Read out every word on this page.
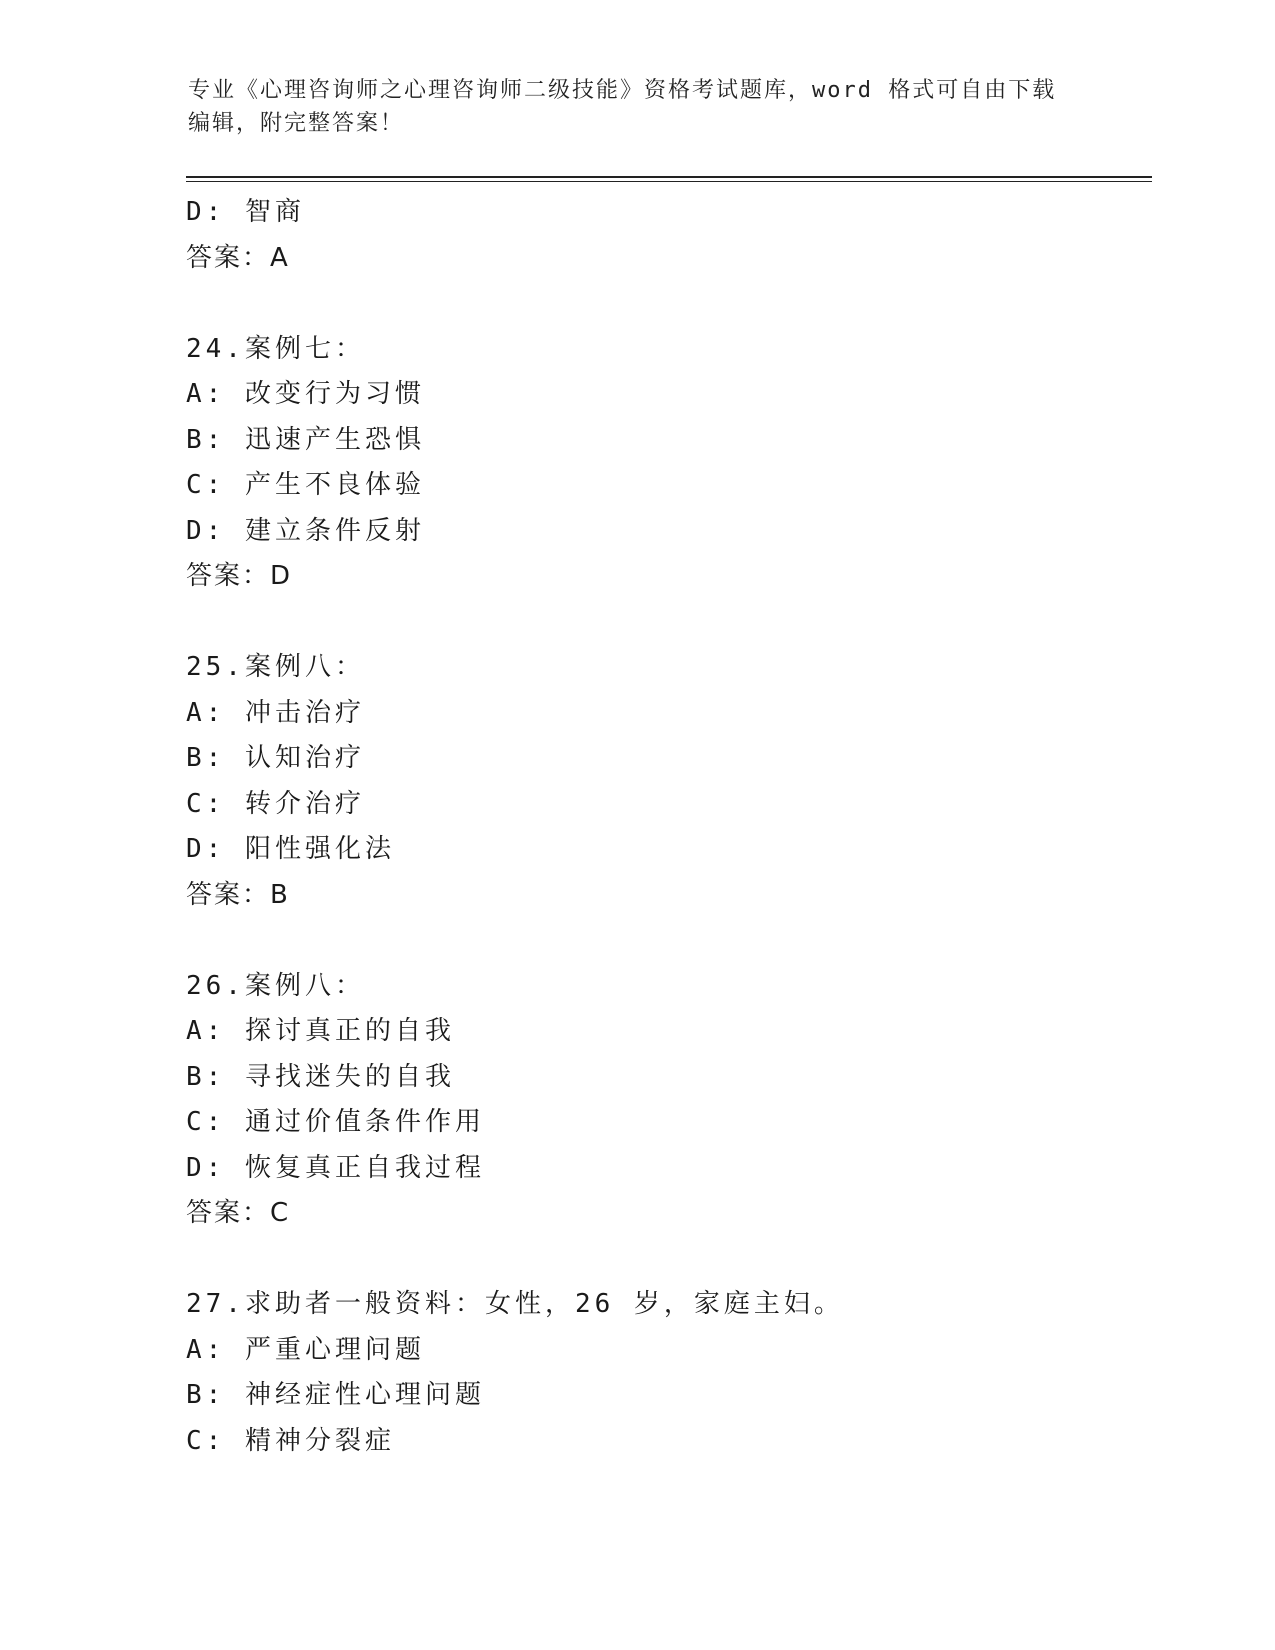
专业《心理咨询师之心理咨询师二级技能》资格考试题库，word 格式可自由下载
编辑，附完整答案！
D: 智商
答案：A
24.案例七：
A: 改变行为习惯
B: 迅速产生恐惧
C: 产生不良体验
D: 建立条件反射
答案：D
25.案例八：
A: 冲击治疗
B: 认知治疗
C: 转介治疗
D: 阳性强化法
答案：B
26.案例八：
A: 探讨真正的自我
B: 寻找迷失的自我
C: 通过价值条件作用
D: 恢复真正自我过程
答案：C
27.求助者一般资料：女性，26 岁，家庭主妇。
A: 严重心理问题
B: 神经症性心理问题
C: 精神分裂症
